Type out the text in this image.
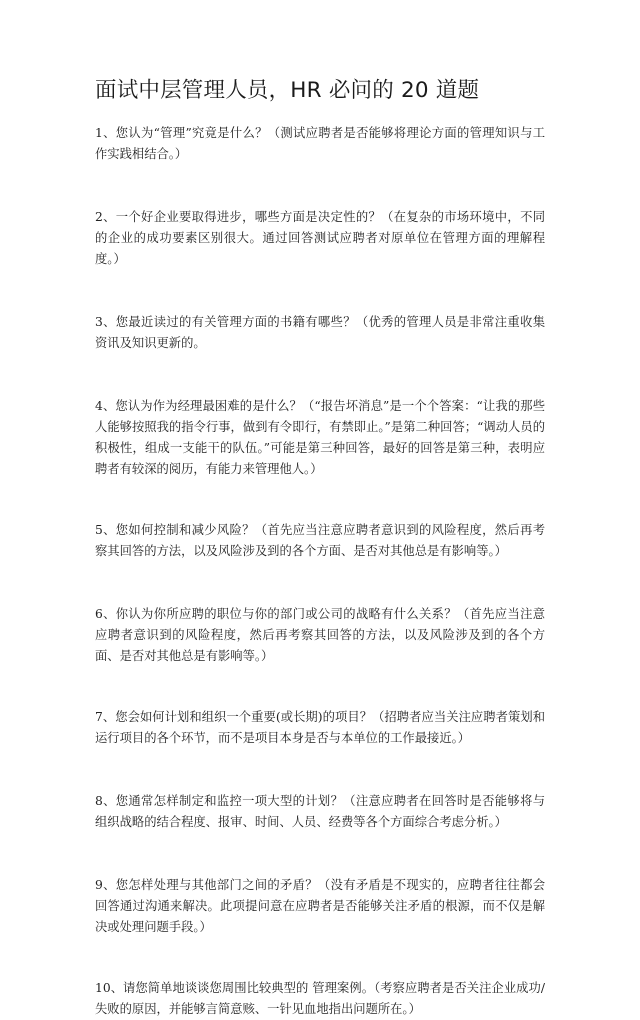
面试中层管理人员，HR 必问的 20 道题
1、您认为“管理”究竟是什么？（测试应聘者是否能够将理论方面的管理知识与工作实践相结合。）
2、一个好企业要取得进步，哪些方面是决定性的？（在复杂的市场环境中，不同的企业的成功要素区别很大。通过回答测试应聘者对原单位在管理方面的理解程度。）
3、您最近读过的有关管理方面的书籍有哪些？（优秀的管理人员是非常注重收集资讯及知识更新的。
4、您认为作为经理最困难的是什么？（“报告坏消息”是一个个答案：“让我的那些人能够按照我的指令行事，做到有令即行，有禁即止。”是第二种回答；“调动人员的积极性，组成一支能干的队伍。”可能是第三种回答，最好的回答是第三种，表明应聘者有较深的阅历，有能力来管理他人。）
5、您如何控制和减少风险？（首先应当注意应聘者意识到的风险程度，然后再考察其回答的方法，以及风险涉及到的各个方面、是否对其他总是有影响等。）
6、你认为你所应聘的职位与你的部门或公司的战略有什么关系？（首先应当注意应聘者意识到的风险程度，然后再考察其回答的方法，以及风险涉及到的各个方面、是否对其他总是有影响等。）
7、您会如何计划和组织一个重要(或长期)的项目？（招聘者应当关注应聘者策划和运行项目的各个环节，而不是项目本身是否与本单位的工作最接近。）
8、您通常怎样制定和监控一项大型的计划？（注意应聘者在回答时是否能够将与组织战略的结合程度、报审、时间、人员、经费等各个方面综合考虑分析。）
9、您怎样处理与其他部门之间的矛盾？（没有矛盾是不现实的，应聘者往往都会回答通过沟通来解决。此项提问意在应聘者是否能够关注矛盾的根源，而不仅是解决或处理问题手段。）
10、请您简单地谈谈您周围比较典型的 管理案例。（考察应聘者是否关注企业成功/失败的原因，并能够言简意赅、一针见血地指出问题所在。）
